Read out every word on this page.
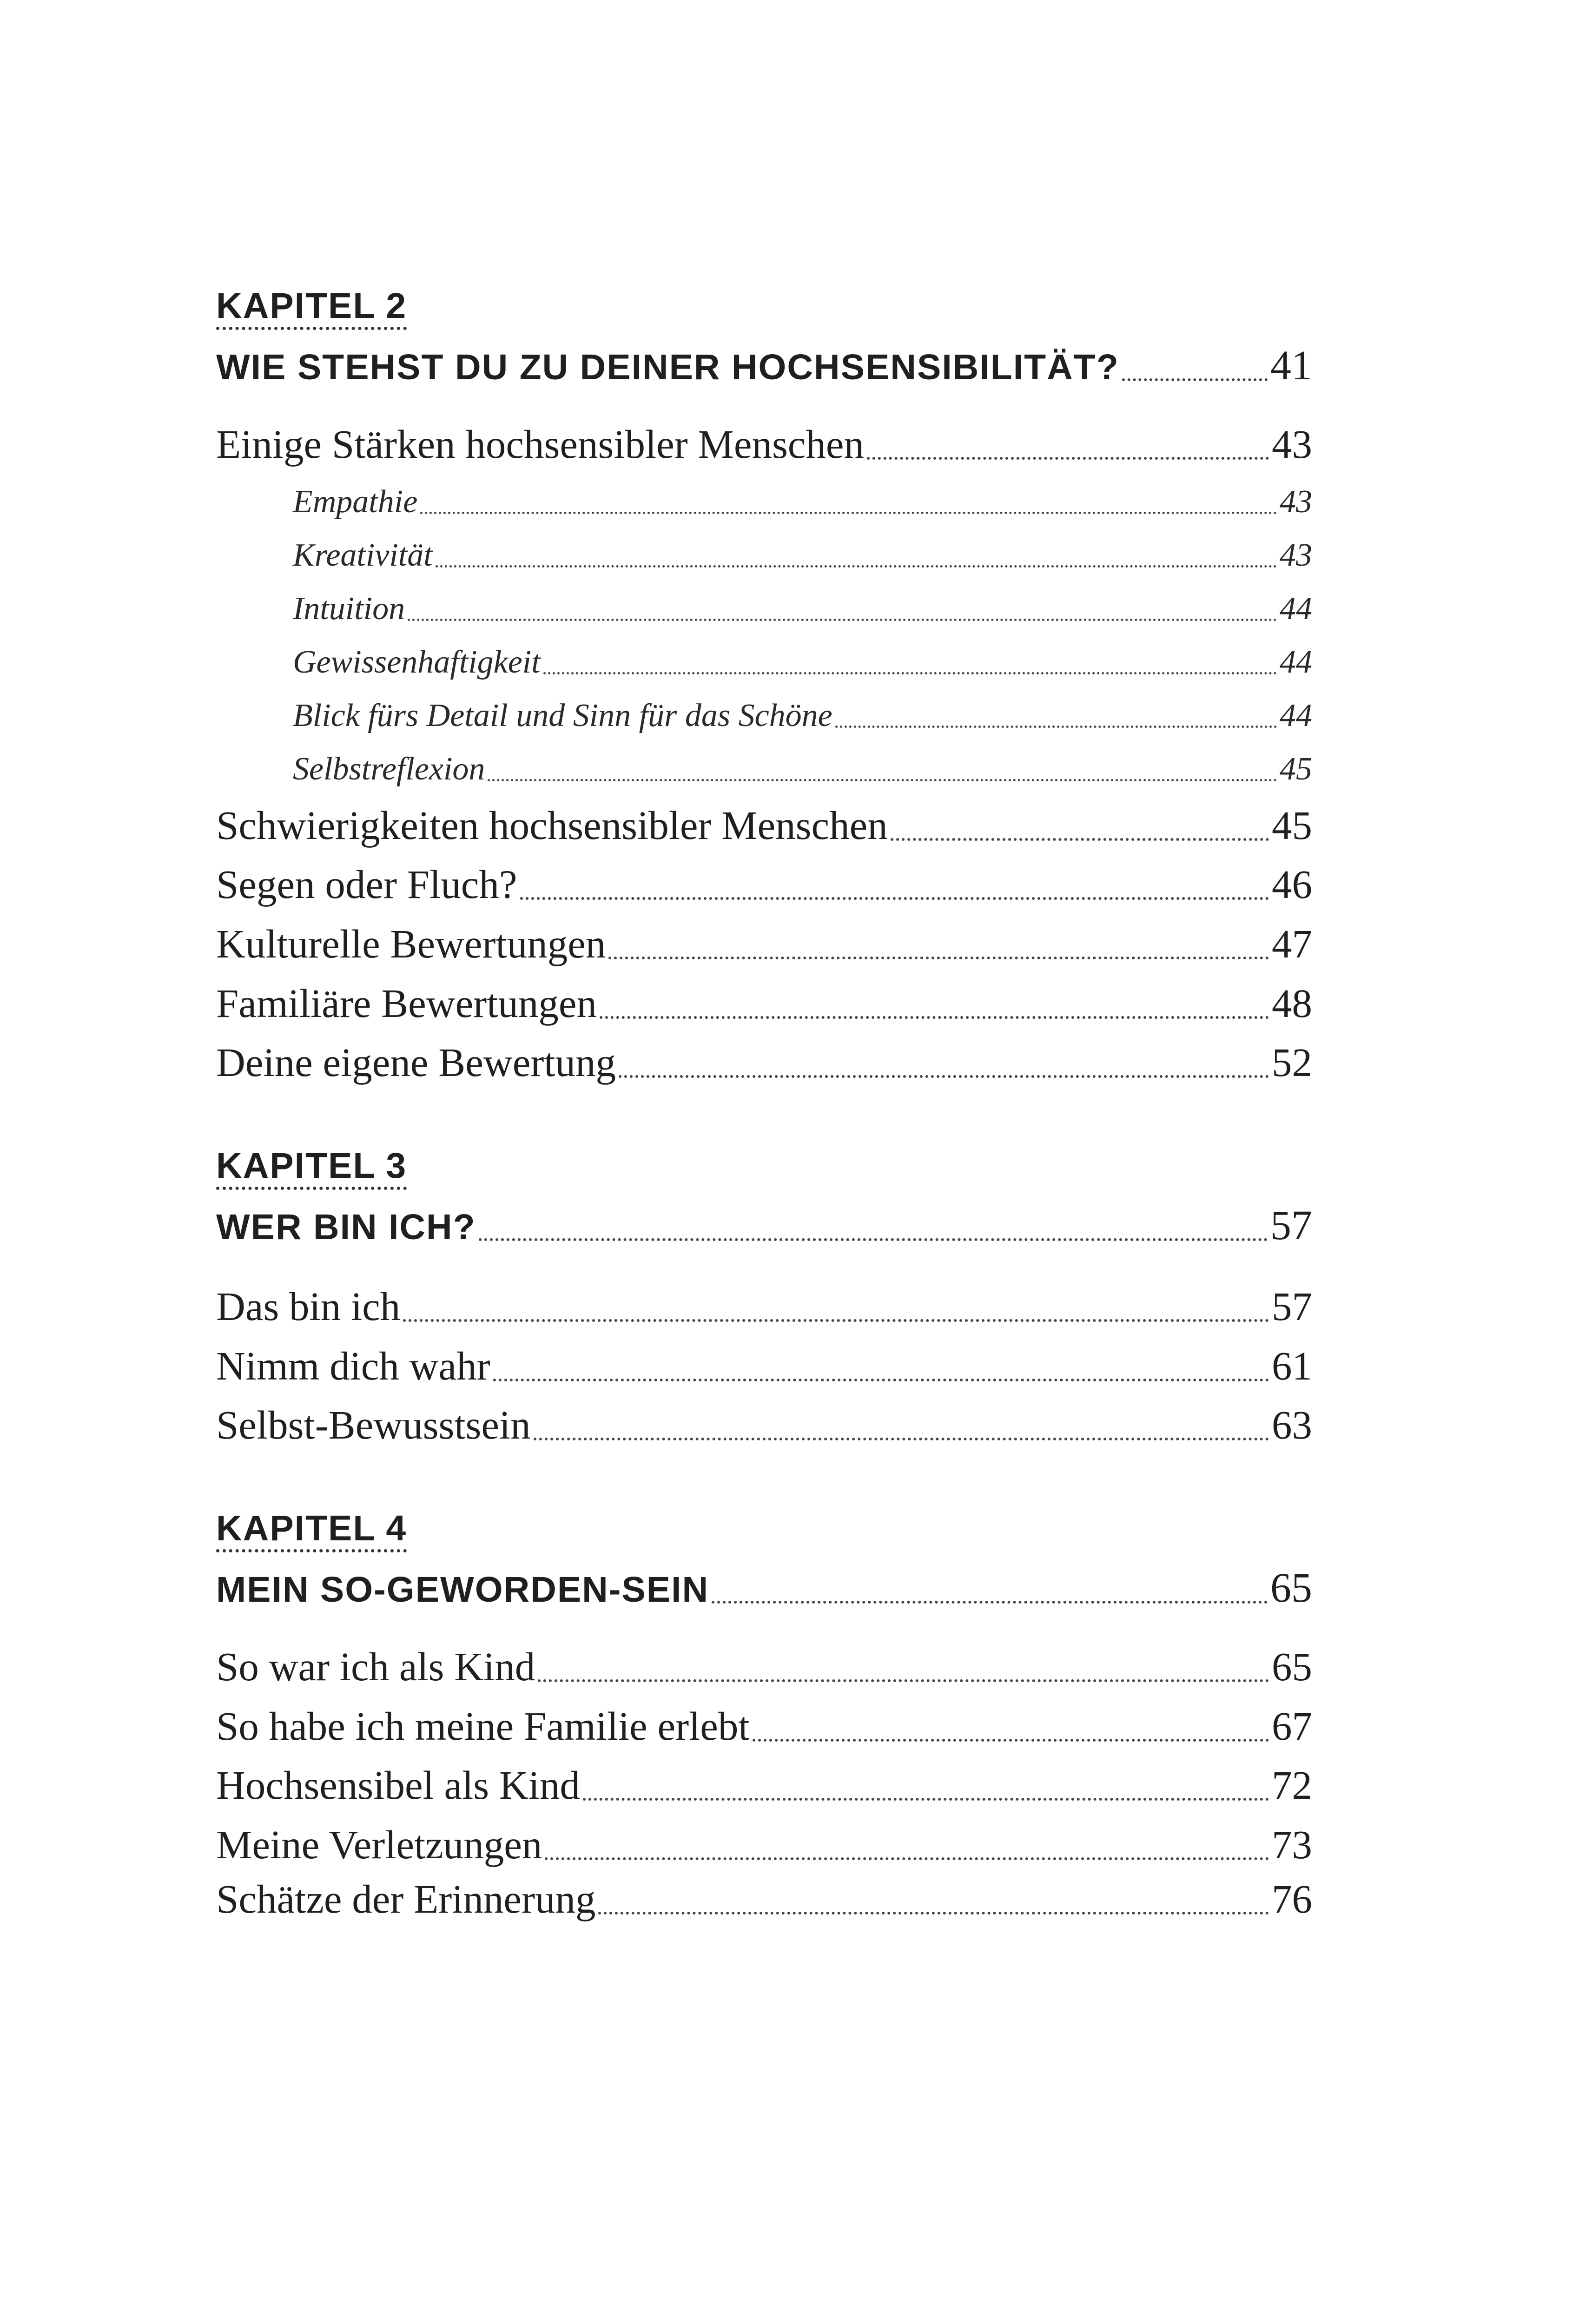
KAPITEL 2
WIE STEHST DU ZU DEINER HOCHSENSIBILITÄT?	41
Einige Stärken hochsensibler Menschen	43
Empathie	43
Kreativität	43
Intuition	44
Gewissenhaftigkeit	44
Blick fürs Detail und Sinn für das Schöne	44
Selbstreflexion	45
Schwierigkeiten hochsensibler Menschen	45
Segen oder Fluch?	46
Kulturelle Bewertungen	47
Familiäre Bewertungen	48
Deine eigene Bewertung	52
KAPITEL 3
WER BIN ICH?	57
Das bin ich	57
Nimm dich wahr	61
Selbst-Bewusstsein	63
KAPITEL 4
MEIN SO-GEWORDEN-SEIN	65
So war ich als Kind	65
So habe ich meine Familie erlebt	67
Hochsensibel als Kind	72
Meine Verletzungen	73
Schätze der Erinnerung	76
